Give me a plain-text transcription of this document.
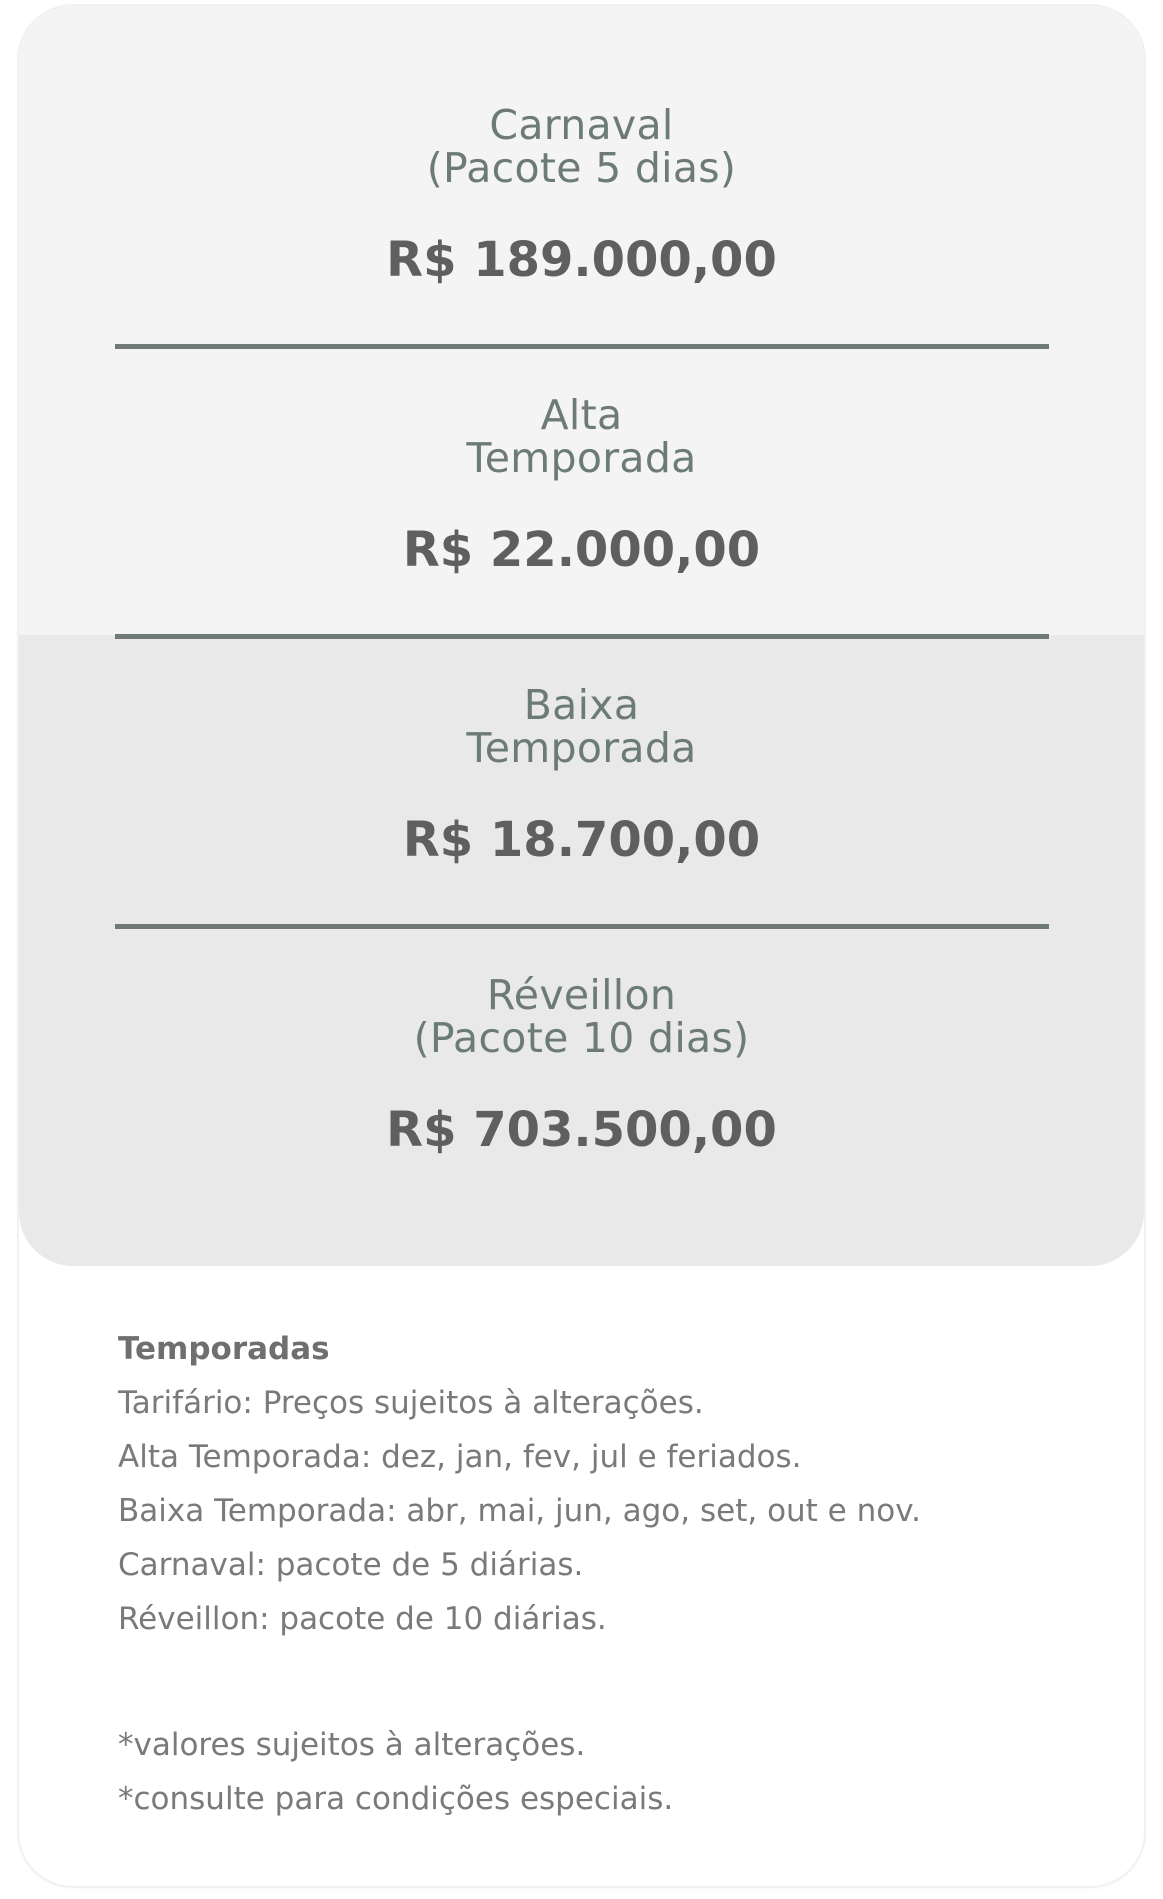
Carnaval
(Pacote 5 dias)
R$ 189.000,00
Alta
Temporada
R$ 22.000,00
Baixa
Temporada
R$ 18.700,00
Réveillon
(Pacote 10 dias)
R$ 703.500,00
Temporadas
Tarifário: Preços sujeitos à alterações.
Alta Temporada: dez, jan, fev, jul e feriados.
Baixa Temporada: abr, mai, jun, ago, set, out e nov.
Carnaval: pacote de 5 diárias.
Réveillon: pacote de 10 diárias.
*valores sujeitos à alterações.
*consulte para condições especiais.
